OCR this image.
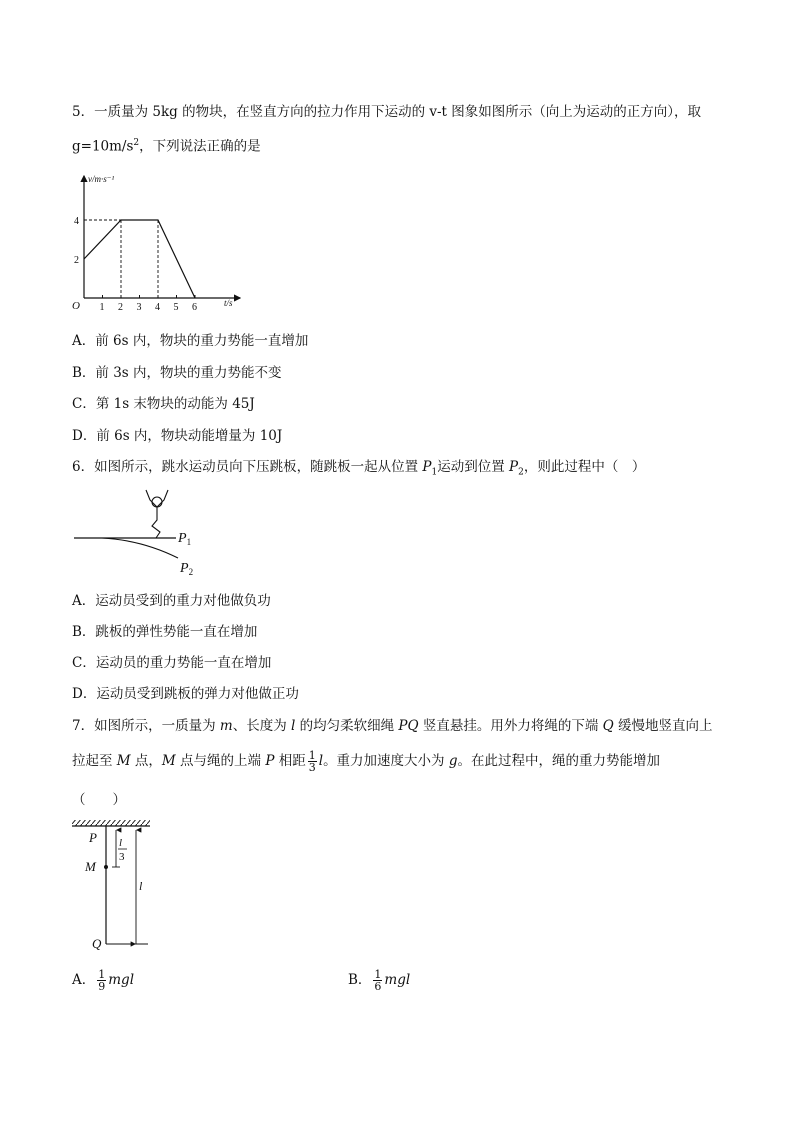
5．一质量为 5kg 的物块，在竖直方向的拉力作用下运动的 v-t 图象如图所示（向上为运动的正方向），取
$g=10m/s^2$，下列说法正确的是
v/m·s⁻¹
t/s
O 1 2 3 4 5 6
2
4
A．前 6s 内，物块的重力势能一直增加
B．前 3s 内，物块的重力势能不变
C．第 1s 末物块的动能为 45J
D．前 6s 内，物块动能增量为 10J
6．如图所示，跳水运动员向下压跳板，随跳板一起从位置 $P_1$运动到位置 $P_2$，则此过程中（　）
$P_1$
$P_2$
A．运动员受到的重力对他做负功
B．跳板的弹性势能一直在增加
C．运动员的重力势能一直在增加
D．运动员受到跳板的弹力对他做正功
7．如图所示，一质量为 m、长度为 l 的均匀柔软细绳 PQ 竖直悬挂。用外力将绳的下端 Q 缓慢地竖直向上
拉起至 M 点，M 点与绳的上端 P 相距 $\frac{1}{3}$ l。重力加速度大小为 g。在此过程中，绳的重力势能增加
（　　）
P
M
Q
l
3
l
A． $\frac{1}{9}$ mgl	B． $\frac{1}{6}$ mgl
